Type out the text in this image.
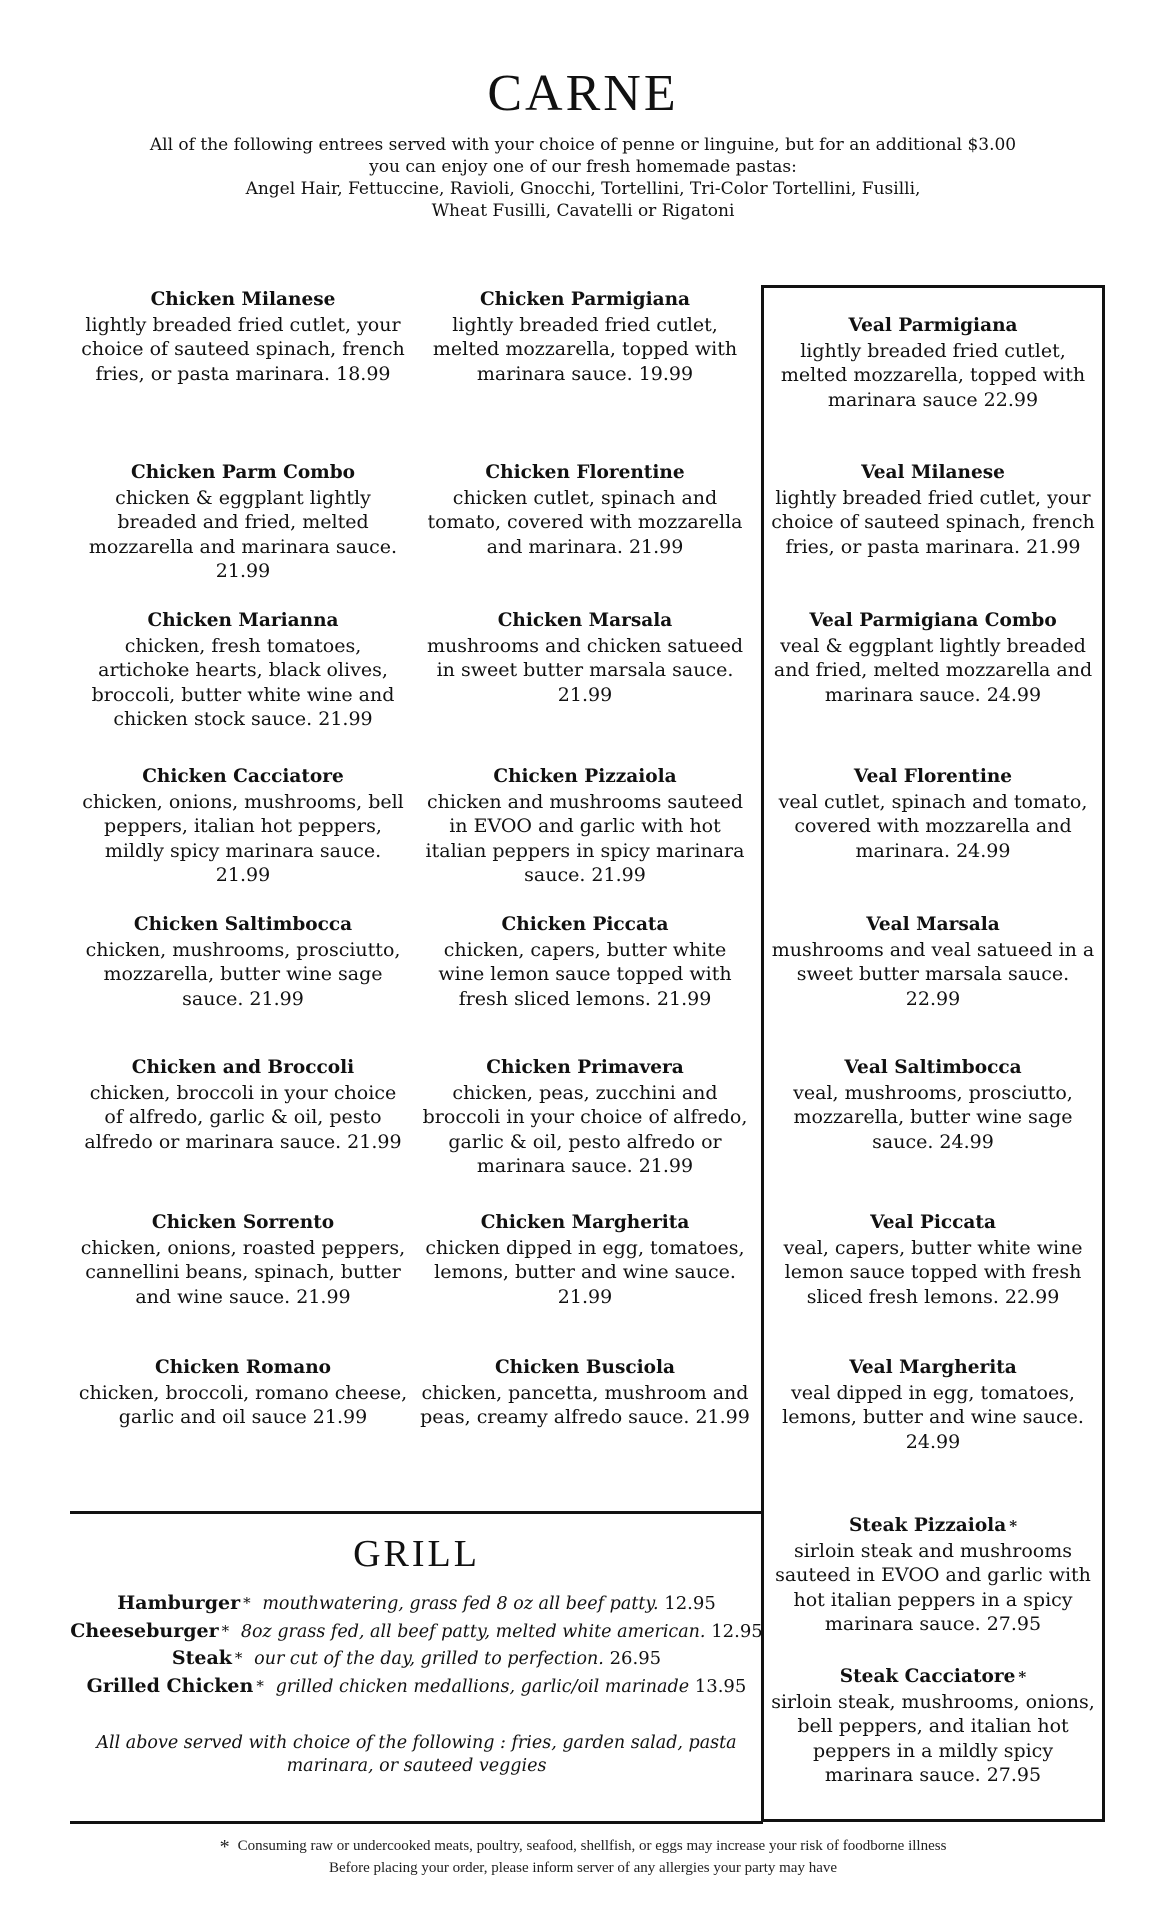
CARNE
All of the following entrees served with your choice of penne or linguine, but for an additional $3.00
you can enjoy one of our fresh homemade pastas:
Angel Hair, Fettuccine, Ravioli, Gnocchi, Tortellini, Tri-Color Tortellini, Fusilli,
Wheat Fusilli, Cavatelli or Rigatoni
Chicken Milanese
lightly breaded fried cutlet, your choice of sauteed spinach, french fries, or pasta marinara. 18.99
Chicken Parm Combo
chicken & eggplant lightly breaded and fried, melted mozzarella and marinara sauce. 21.99
Chicken Marianna
chicken, fresh tomatoes, artichoke hearts, black olives, broccoli, butter white wine and chicken stock sauce. 21.99
Chicken Cacciatore
chicken, onions, mushrooms, bell peppers, italian hot peppers, mildly spicy marinara sauce. 21.99
Chicken Saltimbocca
chicken, mushrooms, prosciutto, mozzarella, butter wine sage sauce. 21.99
Chicken and Broccoli
chicken, broccoli in your choice of alfredo, garlic & oil, pesto alfredo or marinara sauce. 21.99
Chicken Sorrento
chicken, onions, roasted peppers, cannellini beans, spinach, butter and wine sauce. 21.99
Chicken Romano
chicken, broccoli, romano cheese, garlic and oil sauce 21.99
Chicken Parmigiana
lightly breaded fried cutlet, melted mozzarella, topped with marinara sauce. 19.99
Chicken Florentine
chicken cutlet, spinach and tomato, covered with mozzarella and marinara. 21.99
Chicken Marsala
mushrooms and chicken satueed in sweet butter marsala sauce. 21.99
Chicken Pizzaiola
chicken and mushrooms sauteed in EVOO and garlic with hot italian peppers in spicy marinara sauce. 21.99
Chicken Piccata
chicken, capers, butter white wine lemon sauce topped with fresh sliced lemons. 21.99
Chicken Primavera
chicken, peas, zucchini and broccoli in your choice of alfredo, garlic & oil, pesto alfredo or marinara sauce. 21.99
Chicken Margherita
chicken dipped in egg, tomatoes, lemons, butter and wine sauce. 21.99
Chicken Busciola
chicken, pancetta, mushroom and peas, creamy alfredo sauce. 21.99
Veal Parmigiana
lightly breaded fried cutlet, melted mozzarella, topped with marinara sauce 22.99
Veal Milanese
lightly breaded fried cutlet, your choice of sauteed spinach, french fries, or pasta marinara. 21.99
Veal Parmigiana Combo
veal & eggplant lightly breaded and fried, melted mozzarella and marinara sauce. 24.99
Veal Florentine
veal cutlet, spinach and tomato, covered with mozzarella and marinara. 24.99
Veal Marsala
mushrooms and veal satueed in a sweet butter marsala sauce. 22.99
Veal Saltimbocca
veal, mushrooms, prosciutto, mozzarella, butter wine sage sauce. 24.99
Veal Piccata
veal, capers, butter white wine lemon sauce topped with fresh sliced fresh lemons. 22.99
Veal Margherita
veal dipped in egg, tomatoes, lemons, butter and wine sauce. 24.99
Steak Pizzaiola *
sirloin steak and mushrooms sauteed in EVOO and garlic with hot italian peppers in a spicy marinara sauce. 27.95
Steak Cacciatore *
sirloin steak, mushrooms, onions, bell peppers, and italian hot peppers in a mildly spicy marinara sauce. 27.95
GRILL
Hamburger * mouthwatering, grass fed 8 oz all beef patty. 12.95
Cheeseburger * 8oz grass fed, all beef patty, melted white american. 12.95
Steak * our cut of the day, grilled to perfection. 26.95
Grilled Chicken * grilled chicken medallions, garlic/oil marinade 13.95
All above served with choice of the following : fries, garden salad, pasta marinara, or sauteed veggies
* Consuming raw or undercooked meats, poultry, seafood, shellfish, or eggs may increase your risk of foodborne illness
Before placing your order, please inform server of any allergies your party may have
